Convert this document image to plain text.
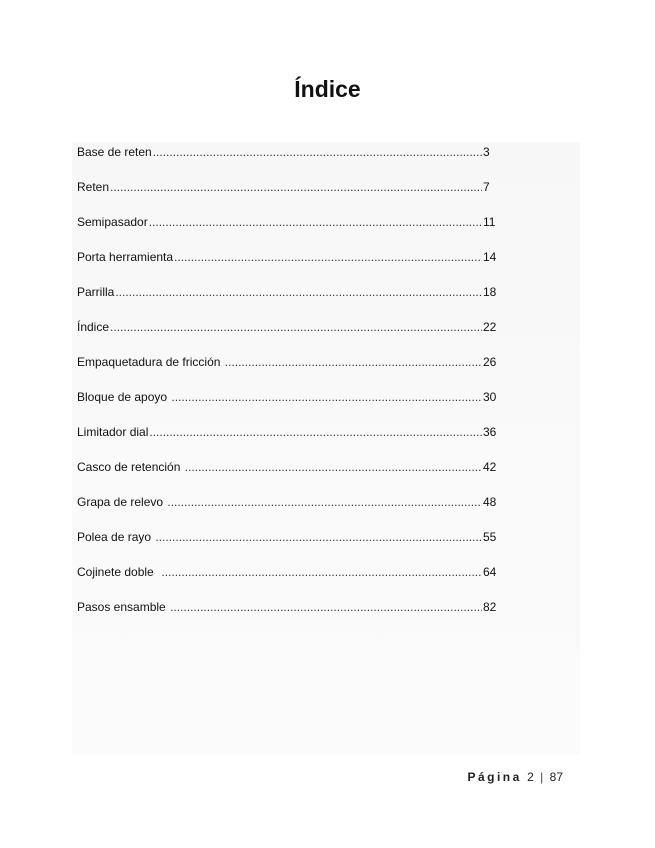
Índice
Base de reten .....	3
Reten .....	7
Semipasador .....	11
Porta herramienta .....	14
Parrilla .....	18
Índice .....	22
Empaquetadura de fricción .....	26
Bloque de apoyo .....	30
Limitador dial .....	36
Casco de retención .....	42
Grapa de relevo .....	48
Polea de rayo .....	55
Cojinete doble .....	64
Pasos ensamble .....	82
Página 2 | 87
